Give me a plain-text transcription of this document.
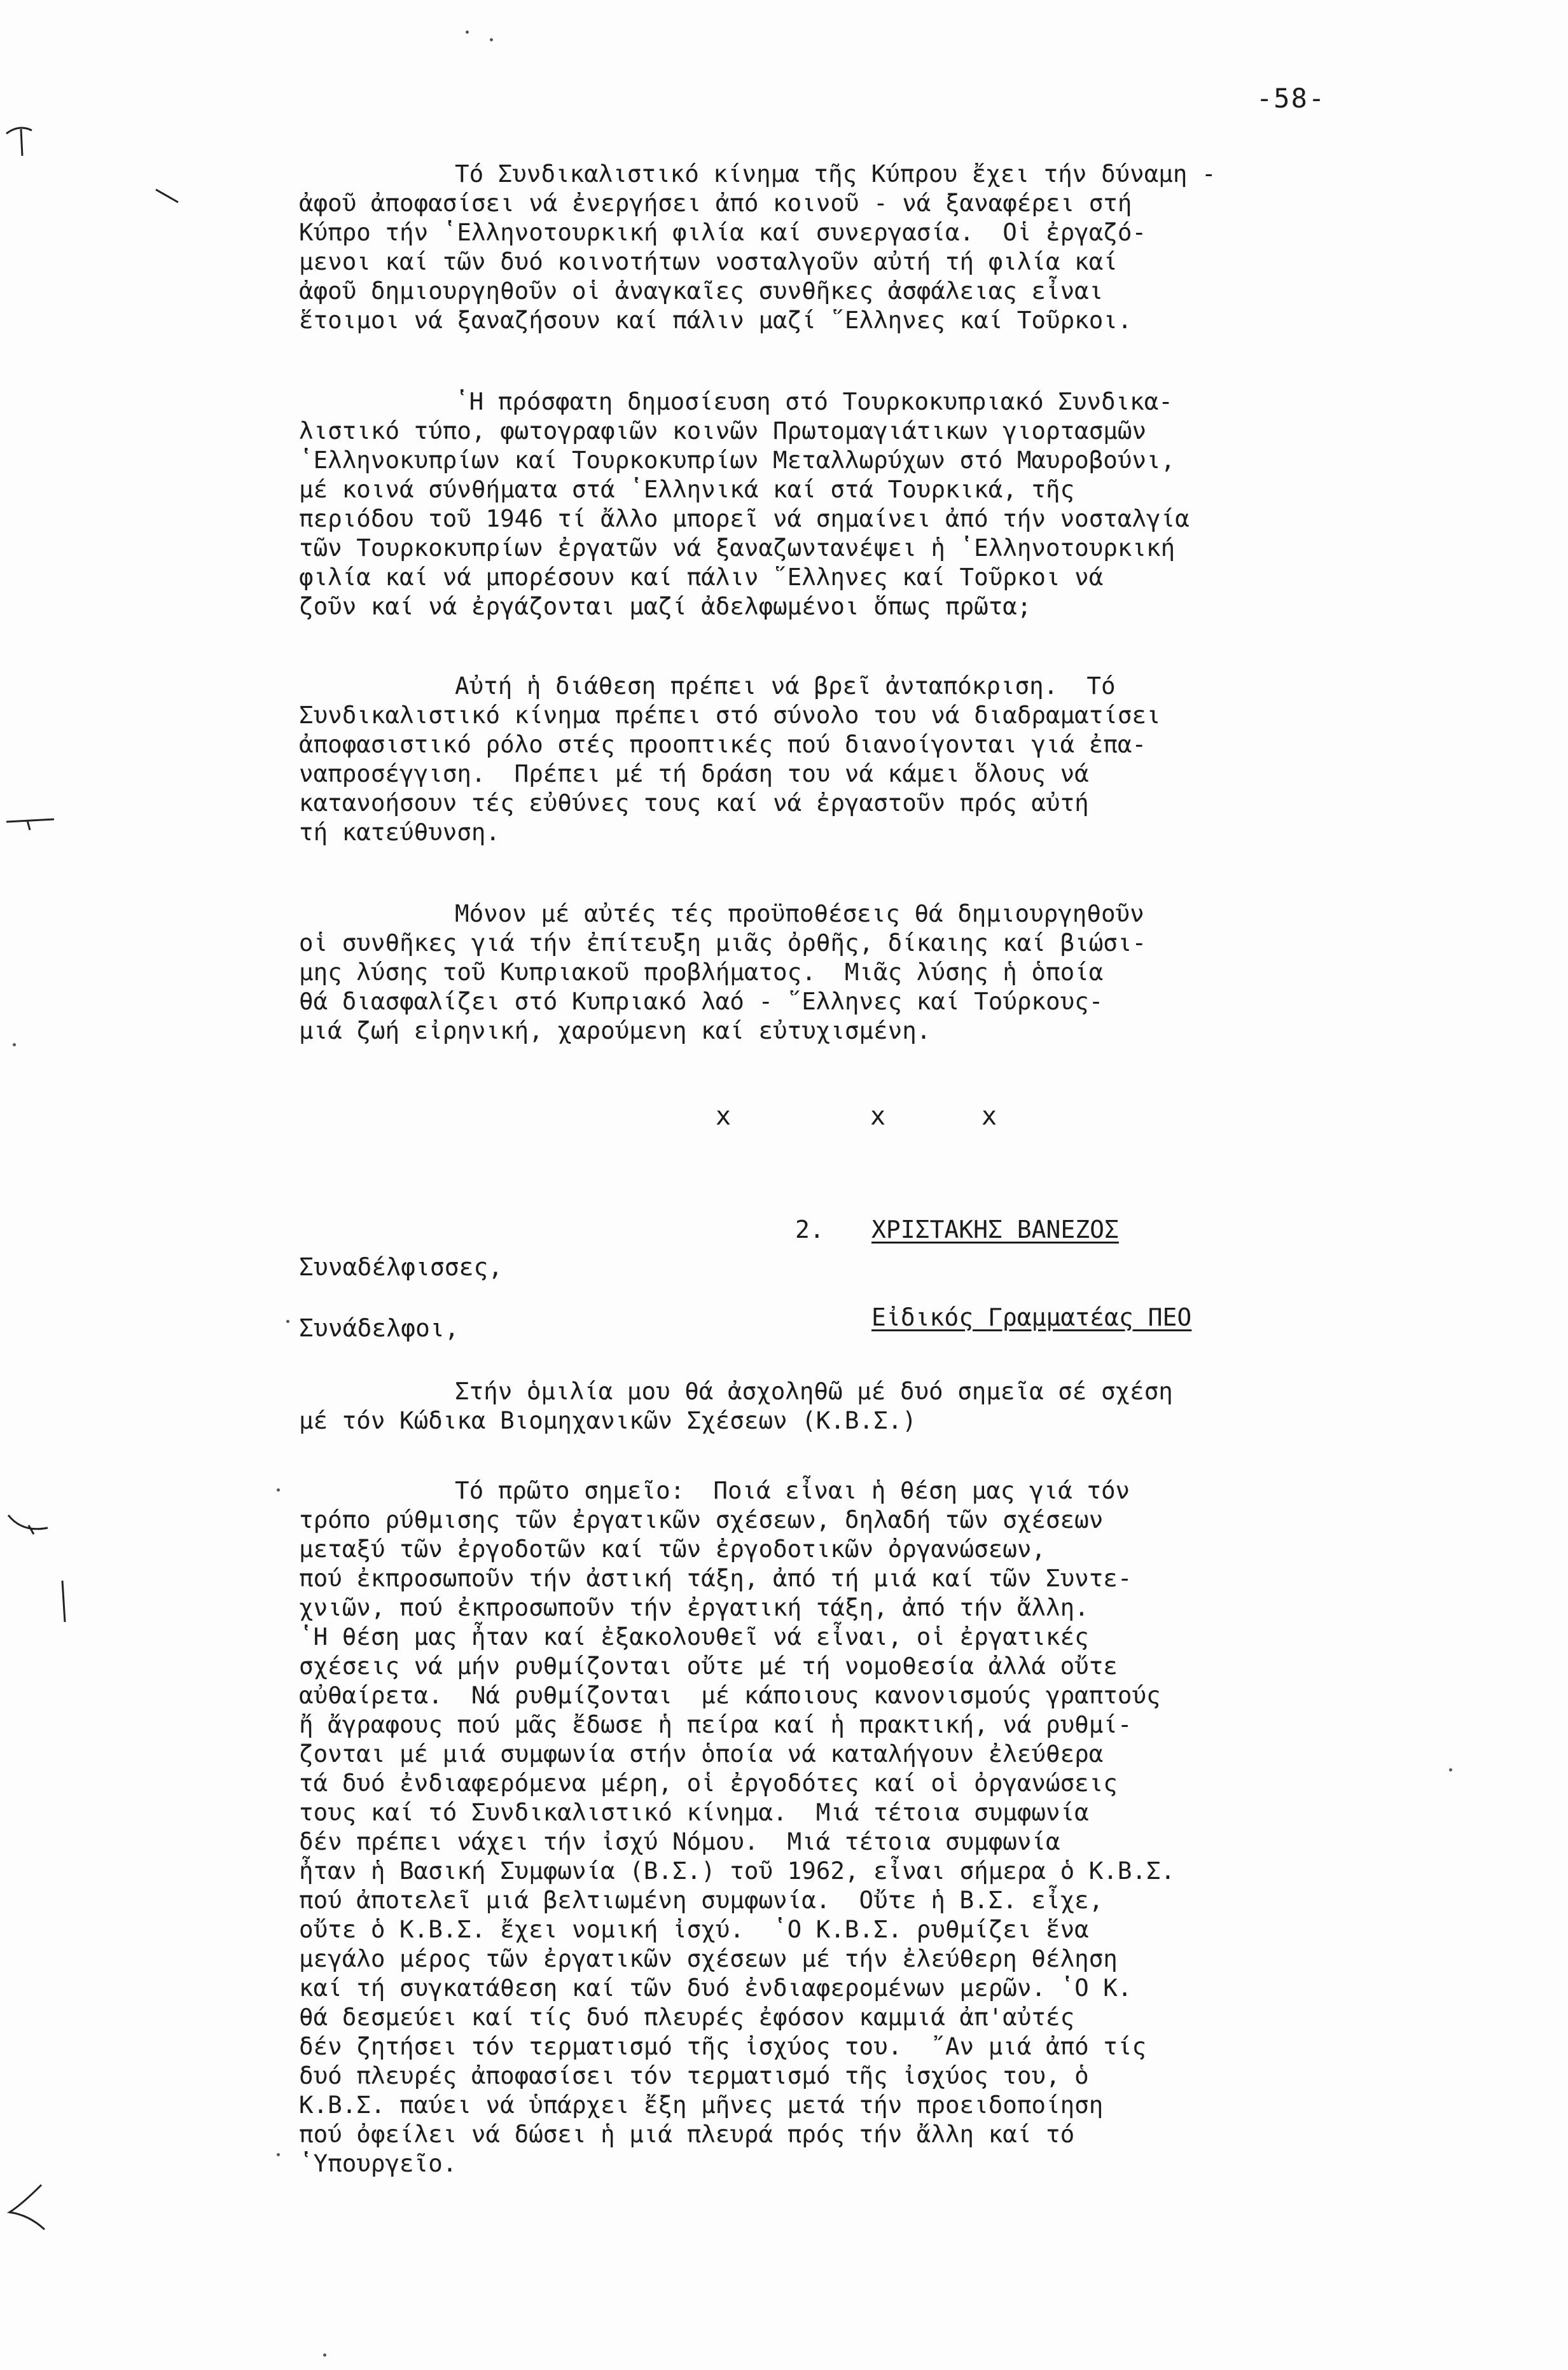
-58-
Τό Συνδικαλιστικό κίνημα τῆς Κύπρου ἔχει τήν δύναμη -
ἀφοῦ ἀποφασίσει νά ἐνεργήσει ἀπό κοινοῦ - νά ξαναφέρει στή
Κύπρο τήν ʽΕλληνοτουρκική φιλία καί συνεργασία.  Οἱ ἐργαζό-
μενοι καί τῶν δυό κοινοτήτων νοσταλγοῦν αὐτή τή φιλία καί
ἀφοῦ δημιουργηθοῦν οἱ ἀναγκαῖες συνθῆκες ἀσφάλειας εἶναι
ἕτοιμοι νά ξαναζήσουν καί πάλιν μαζί ῞Ελληνες καί Τοῦρκοι.
ʽΗ πρόσφατη δημοσίευση στό Τουρκοκυπριακό Συνδικα-
λιστικό τύπο, φωτογραφιῶν κοινῶν Πρωτομαγιάτικων γιορτασμῶν
ʽΕλληνοκυπρίων καί Τουρκοκυπρίων Μεταλλωρύχων στό Μαυροβούνι,
μέ κοινά σύνθήματα στά ʽΕλληνικά καί στά Τουρκικά, τῆς
περιόδου τοῦ 1946 τί ἄλλο μπορεῖ νά σημαίνει ἀπό τήν νοσταλγία
τῶν Τουρκοκυπρίων ἐργατῶν νά ξαναζωντανέψει ἡ ʽΕλληνοτουρκική
φιλία καί νά μπορέσουν καί πάλιν ῞Ελληνες καί Τοῦρκοι νά
ζοῦν καί νά ἐργάζονται μαζί ἀδελφωμένοι ὅπως πρῶτα;
Αὐτή ἡ διάθεση πρέπει νά βρεῖ ἀνταπόκριση.  Τό
Συνδικαλιστικό κίνημα πρέπει στό σύνολο του νά διαδραματίσει
ἀποφασιστικό ρόλο στές προοπτικές πού διανοίγονται γιά ἐπα-
ναπροσέγγιση.  Πρέπει μέ τή δράση του νά κάμει ὅλους νά
κατανοήσουν τές εὐθύνες τους καί νά ἐργαστοῦν πρός αὐτή
τή κατεύθυνση.
Μόνον μέ αὐτές τές προϋποθέσεις θά δημιουργηθοῦν
οἱ συνθῆκες γιά τήν ἐπίτευξη μιᾶς ὀρθῆς, δίκαιης καί βιώσι-
μης λύσης τοῦ Κυπριακοῦ προβλήματος.  Μιᾶς λύσης ἡ ὁποία
θά διασφαλίζει στό Κυπριακό λαό - ῞Ελληνες καί Τούρκους-
μιά ζωή εἰρηνική, χαρούμενη καί εὐτυχισμένη.
x	x	x

2. ΧΡΙΣΤΑΚΗΣ ΒΑΝΕΖΟΣ

Εἰδικός Γραμματέας ΠΕΟ

Συναδέλφισσες,
Συνάδελφοι,
Στήν ὁμιλία μου θά ἀσχοληθῶ μέ δυό σημεῖα σέ σχέση
μέ τόν Κώδικα Βιομηχανικῶν Σχέσεων (Κ.Β.Σ.)
Τό πρῶτο σημεῖο:  Ποιά εἶναι ἡ θέση μας γιά τόν
τρόπο ρύθμισης τῶν ἐργατικῶν σχέσεων, δηλαδή τῶν σχέσεων
μεταξύ τῶν ἐργοδοτῶν καί τῶν ἐργοδοτικῶν ὀργανώσεων,
πού ἐκπροσωποῦν τήν ἀστική τάξη, ἀπό τή μιά καί τῶν Συντε-
χνιῶν, πού ἐκπροσωποῦν τήν ἐργατική τάξη, ἀπό τήν ἄλλη.
ʽΗ θέση μας ἦταν καί ἐξακολουθεῖ νά εἶναι, οἱ ἐργατικές
σχέσεις νά μήν ρυθμίζονται οὔτε μέ τή νομοθεσία ἀλλά οὔτε
αὐθαίρετα.  Νά ρυθμίζονται  μέ κάποιους κανονισμούς γραπτούς
ἤ ἄγραφους πού μᾶς ἔδωσε ἡ πείρα καί ἡ πρακτική, νά ρυθμί-
ζονται μέ μιά συμφωνία στήν ὁποία νά καταλήγουν ἐλεύθερα
τά δυό ἐνδιαφερόμενα μέρη, οἱ ἐργοδότες καί οἱ ὀργανώσεις
τους καί τό Συνδικαλιστικό κίνημα.  Μιά τέτοια συμφωνία
δέν πρέπει νάχει τήν ἰσχύ Νόμου.  Μιά τέτοια συμφωνία
ἦταν ἡ Βασική Συμφωνία (Β.Σ.) τοῦ 1962, εἶναι σήμερα ὁ Κ.Β.Σ.
πού ἀποτελεῖ μιά βελτιωμένη συμφωνία.  Οὔτε ἡ Β.Σ. εἶχε,
οὔτε ὁ Κ.Β.Σ. ἔχει νομική ἰσχύ.  ʽΟ Κ.Β.Σ. ρυθμίζει ἕνα
μεγάλο μέρος τῶν ἐργατικῶν σχέσεων μέ τήν ἐλεύθερη θέληση
καί τή συγκατάθεση καί τῶν δυό ἐνδιαφερομένων μερῶν. ʽΟ Κ.
θά δεσμεύει καί τίς δυό πλευρές ἐφόσον καμμιά ἀπ'αὐτές
δέν ζητήσει τόν τερματισμό τῆς ἰσχύος του.  ῎Αν μιά ἀπό τίς
δυό πλευρές ἀποφασίσει τόν τερματισμό τῆς ἰσχύος του, ὁ
Κ.Β.Σ. παύει νά ὑπάρχει ἔξη μῆνες μετά τήν προειδοποίηση
πού ὀφείλει νά δώσει ἡ μιά πλευρά πρός τήν ἄλλη καί τό
ʽΥπουργεῖο.
